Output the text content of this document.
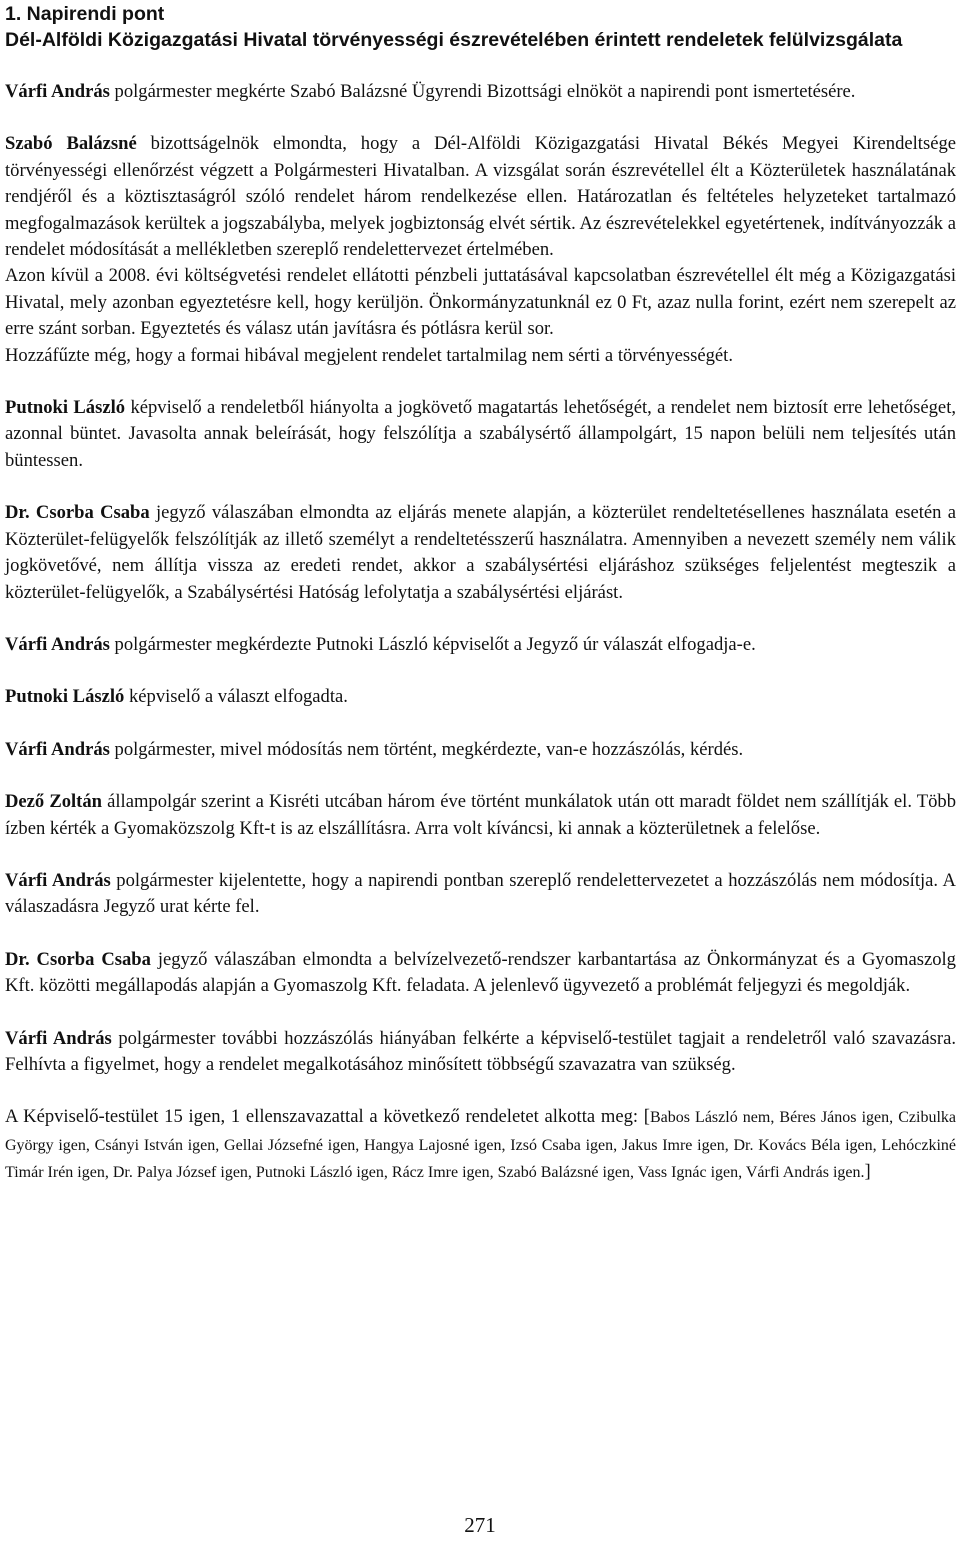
1. Napirendi pont
Dél-Alföldi Közigazgatási Hivatal törvényességi észrevételében érintett rendeletek felülvizsgálata

Várfi András polgármester megkérte Szabó Balázsné Ügyrendi Bizottsági elnököt a napirendi pont ismertetésére.

Szabó Balázsné bizottságelnök elmondta, hogy a Dél-Alföldi Közigazgatási Hivatal Békés Megyei Kirendeltsége törvényességi ellenőrzést végzett a Polgármesteri Hivatalban. A vizsgálat során észrevétellel élt a Közterületek használatának rendjéről és a köztisztaságról szóló rendelet három rendelkezése ellen. Határozatlan és feltételes helyzeteket tartalmazó megfogalmazások kerültek a jogszabályba, melyek jogbiztonság elvét sértik. Az észrevételekkel egyetértenek, indítványozzák a rendelet módosítását a mellékletben szereplő rendelettervezet értelmében.

Azon kívül a 2008. évi költségvetési rendelet ellátotti pénzbeli juttatásával kapcsolatban észrevétellel élt még a Közigazgatási Hivatal, mely azonban egyeztetésre kell, hogy kerüljön. Önkormányzatunknál ez 0 Ft, azaz nulla forint, ezért nem szerepelt az erre szánt sorban. Egyeztetés és válasz után javításra és pótlásra kerül sor.

Hozzáfűzte még, hogy a formai hibával megjelent rendelet tartalmilag nem sérti a törvényességét.

Putnoki László képviselő a rendeletből hiányolta a jogkövető magatartás lehetőségét, a rendelet nem biztosít erre lehetőséget, azonnal büntet. Javasolta annak beleírását, hogy felszólítja a szabálysértő állampolgárt, 15 napon belüli nem teljesítés után büntessen.

Dr. Csorba Csaba jegyző válaszában elmondta az eljárás menete alapján, a közterület rendeltetésellenes használata esetén a Közterület-felügyelők felszólítják az illető személyt a rendeltetésszerű használatra. Amennyiben a nevezett személy nem válik jogkövetővé, nem állítja vissza az eredeti rendet, akkor a szabálysértési eljáráshoz szükséges feljelentést megteszik a közterület-felügyelők, a Szabálysértési Hatóság lefolytatja a szabálysértési eljárást.

Várfi András polgármester megkérdezte Putnoki László képviselőt a Jegyző úr válaszát elfogadja-e.

Putnoki László képviselő a választ elfogadta.

Várfi András polgármester, mivel módosítás nem történt, megkérdezte, van-e hozzászólás, kérdés.

Dező Zoltán állampolgár szerint a Kisréti utcában három éve történt munkálatok után ott maradt földet nem szállítják el. Több ízben kérték a Gyomaközszolg Kft-t is az elszállításra. Arra volt kíváncsi, ki annak a közterületnek a felelőse.

Várfi András polgármester kijelentette, hogy a napirendi pontban szereplő rendelettervezetet a hozzászólás nem módosítja. A válaszadásra Jegyző urat kérte fel.

Dr. Csorba Csaba jegyző válaszában elmondta a belvízelvezető-rendszer karbantartása az Önkormányzat és a Gyomaszolg Kft. közötti megállapodás alapján a Gyomaszolg Kft. feladata. A jelenlevő ügyvezető a problémát feljegyzi és megoldják.

Várfi András polgármester további hozzászólás hiányában felkérte a képviselő-testület tagjait a rendeletről való szavazásra. Felhívta a figyelmet, hogy a rendelet megalkotásához minősített többségű szavazatra van szükség.

A Képviselő-testület 15 igen, 1 ellenszavazattal a következő rendeletet alkotta meg: [Babos László nem, Béres János igen, Czibulka György igen, Csányi István igen, Gellai Józsefné igen, Hangya Lajosné igen, Izsó Csaba igen, Jakus Imre igen, Dr. Kovács Béla igen, Lehóczkiné Timár Irén igen, Dr. Palya József igen, Putnoki László igen, Rácz Imre igen, Szabó Balázsné igen, Vass Ignác igen, Várfi András igen.]

271
